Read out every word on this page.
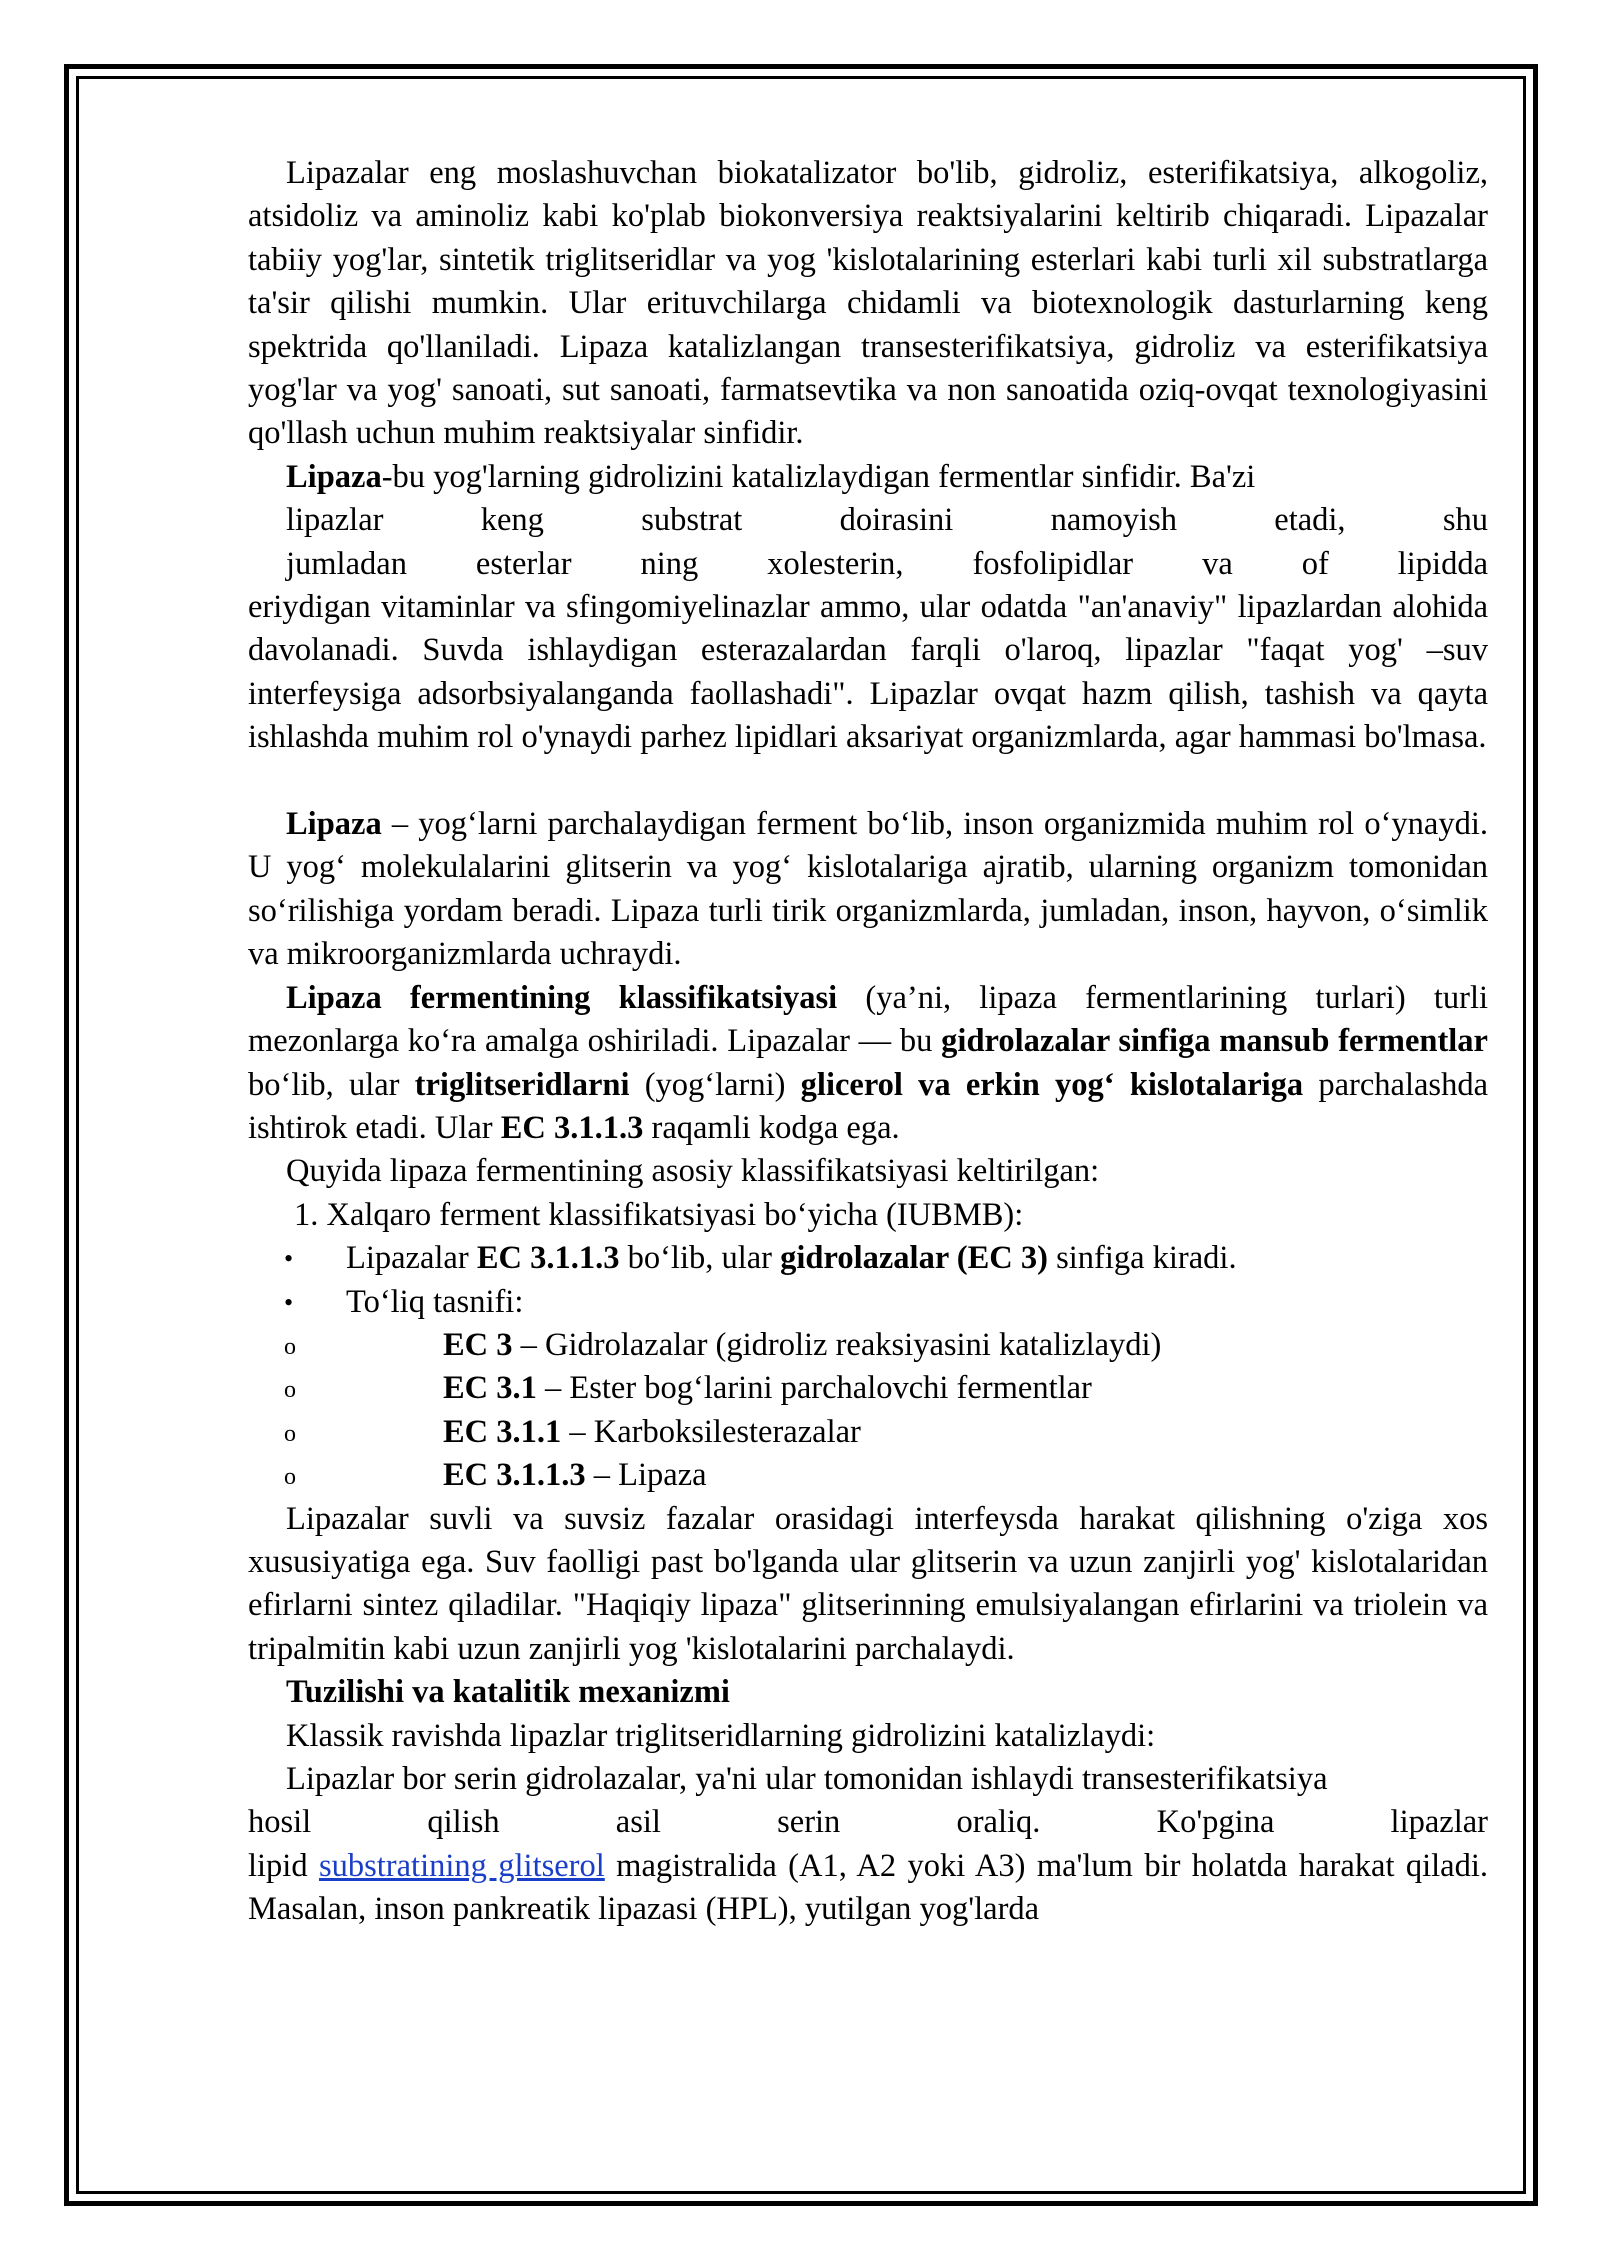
Lipazalar eng moslashuvchan biokatalizator bo'lib, gidroliz, esterifikatsiya, alkogoliz, atsidoliz va aminoliz kabi ko'plab biokonversiya reaktsiyalarini keltirib chiqaradi. Lipazalar tabiiy yog'lar, sintetik triglitseridlar va yog 'kislotalarining esterlari kabi turli xil substratlarga ta'sir qilishi mumkin. Ular erituvchilarga chidamli va biotexnologik dasturlarning keng spektrida qo'llaniladi. Lipaza katalizlangan transesterifikatsiya, gidroliz va esterifikatsiya yog'lar va yog' sanoati, sut sanoati, farmatsevtika va non sanoatida oziq-ovqat texnologiyasini qo'llash uchun muhim reaktsiyalar sinfidir.

Lipaza-bu yog'larning gidrolizini katalizlaydigan fermentlar sinfidir. Ba'zi
lipazlar keng substrat doirasini namoyish etadi, shu
jumladan esterlar ning xolesterin, fosfolipidlar va of lipidda eriydigan vitaminlar va sfingomiyelinazlar ammo, ular odatda "an'anaviy" lipazlardan alohida davolanadi. Suvda ishlaydigan esterazalardan farqli o'laroq, lipazlar "faqat yog' –suv interfeysiga adsorbsiyalanganda faollashadi". Lipazlar ovqat hazm qilish, tashish va qayta ishlashda muhim rol o'ynaydi parhez lipidlari aksariyat organizmlarda, agar hammasi bo'lmasa.

Lipaza – yog‘larni parchalaydigan ferment bo‘lib, inson organizmida muhim rol o‘ynaydi. U yog‘ molekulalarini glitserin va yog‘ kislotalariga ajratib, ularning organizm tomonidan so‘rilishiga yordam beradi. Lipaza turli tirik organizmlarda, jumladan, inson, hayvon, o‘simlik va mikroorganizmlarda uchraydi.

Lipaza fermentining klassifikatsiyasi (ya’ni, lipaza fermentlarining turlari) turli mezonlarga ko‘ra amalga oshiriladi. Lipazalar — bu gidrolazalar sinfiga mansub fermentlar bo‘lib, ular triglitseridlarni (yog‘larni) glicerol va erkin yog‘ kislotalariga parchalashda ishtirok etadi. Ular EC 3.1.1.3 raqamli kodga ega.

Quyida lipaza fermentining asosiy klassifikatsiyasi keltirilgan:

1. Xalqaro ferment klassifikatsiyasi bo‘yicha (IUBMB):

• Lipazalar EC 3.1.1.3 bo‘lib, ular gidrolazalar (EC 3) sinfiga kiradi.
• To‘liq tasnifi:
o	EC 3 – Gidrolazalar (gidroliz reaksiyasini katalizlaydi)
o	EC 3.1 – Ester bog‘larini parchalovchi fermentlar
o	EC 3.1.1 – Karboksilesterazalar
o	EC 3.1.1.3 – Lipaza

Lipazalar suvli va suvsiz fazalar orasidagi interfeysda harakat qilishning o'ziga xos xususiyatiga ega. Suv faolligi past bo'lganda ular glitserin va uzun zanjirli yog' kislotalaridan efirlarni sintez qiladilar. "Haqiqiy lipaza" glitserinning emulsiyalangan efirlarini va triolein va tripalmitin kabi uzun zanjirli yog 'kislotalarini parchalaydi.

Tuzilishi va katalitik mexanizmi

Klassik ravishda lipazlar triglitseridlarning gidrolizini katalizlaydi:

Lipazlar bor serin gidrolazalar, ya'ni ular tomonidan ishlaydi transesterifikatsiya
hosil qilish asil serin oraliq. Ko'pgina lipazlar lipid substratining glitserol magistralida (A1, A2 yoki A3) ma'lum bir holatda harakat qiladi. Masalan, inson pankreatik lipazasi (HPL), yutilgan yog'larda
